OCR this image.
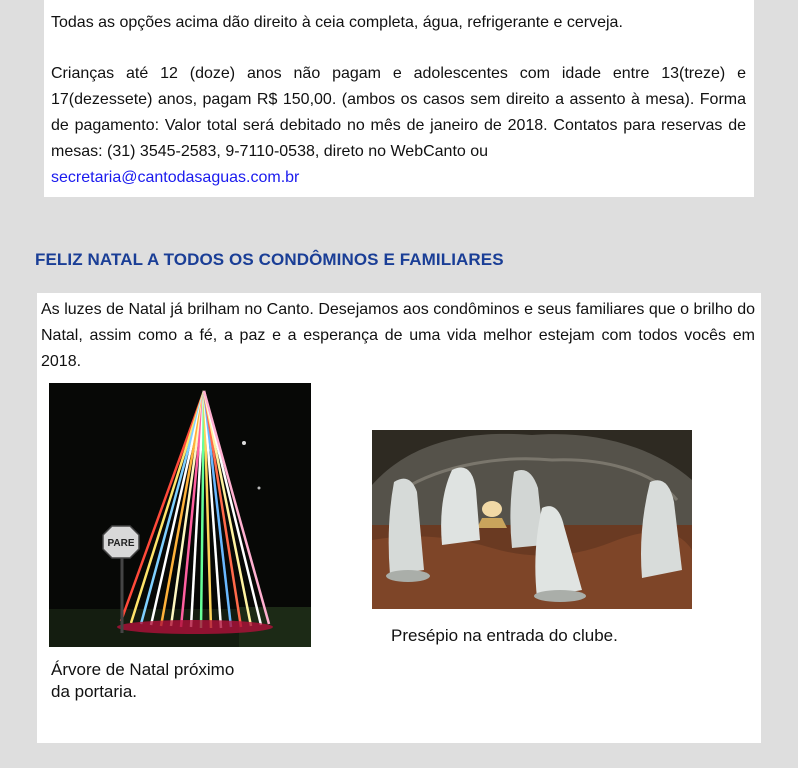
Todas as opções acima dão direito à ceia completa, água, refrigerante e cerveja.

Crianças até 12 (doze) anos não pagam e adolescentes com idade entre 13(treze) e 17(dezessete) anos, pagam R$ 150,00. (ambos os casos sem direito a assento à mesa). Forma de pagamento: Valor total será debitado no mês de janeiro de 2018. Contatos para reservas de mesas: (31) 3545-2583, 9-7110-0538, direto no WebCanto ou
secretaria@cantodasaguas.com.br

FELIZ NATAL A TODOS OS CONDÔMINOS E FAMILIARES

As luzes de Natal já brilham no Canto. Desejamos aos condôminos e seus familiares que o brilho do Natal, assim como a fé, a paz e a esperança de uma vida melhor estejam com todos vocês em 2018.

PARE
Árvore de Natal próximo
da portaria.
Presépio na entrada do clube.
